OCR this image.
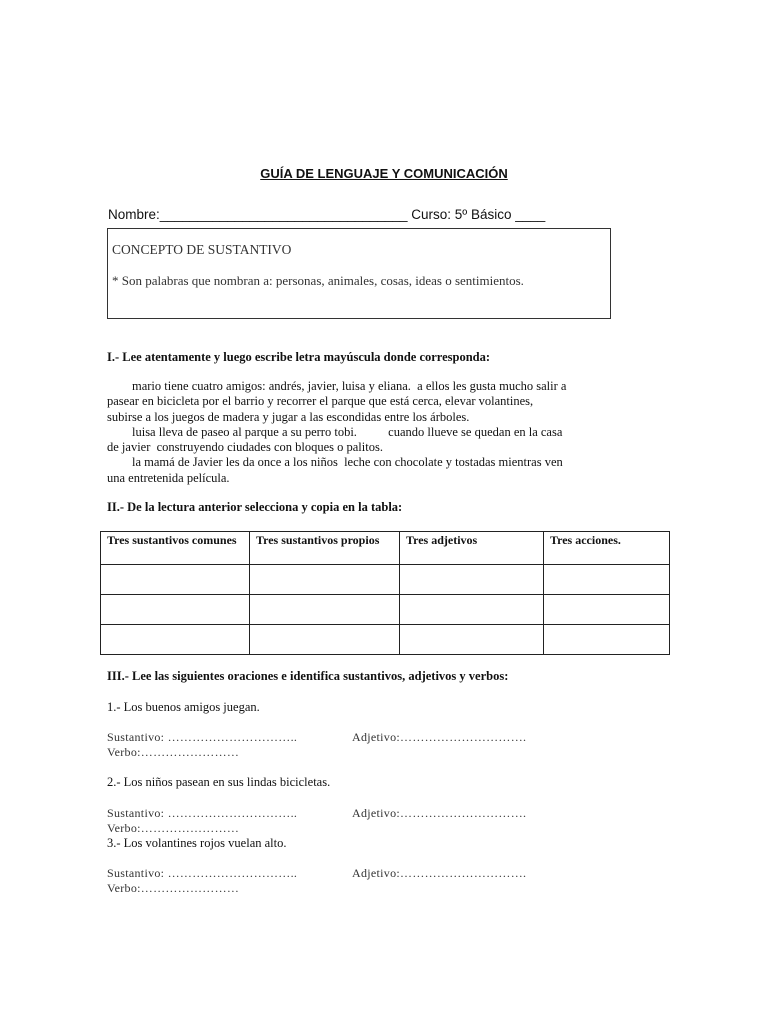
GUÍA DE LENGUAJE Y COMUNICACIÓN
Nombre:_________________________________ Curso: 5º Básico ____
CONCEPTO DE SUSTANTIVO
* Son palabras que nombran a: personas, animales, cosas, ideas o sentimientos.
I.- Lee atentamente y luego escribe letra mayúscula donde corresponda:
mario tiene cuatro amigos: andrés, javier, luisa y eliana.  a ellos les gusta mucho salir a
pasear en bicicleta por el barrio y recorrer el parque que está cerca, elevar volantines,
subirse a los juegos de madera y jugar a las escondidas entre los árboles.
luisa lleva de paseo al parque a su perro tobi.          cuando llueve se quedan en la casa
de javier  construyendo ciudades con bloques o palitos.
la mamá de Javier les da once a los niños  leche con chocolate y tostadas mientras ven
una entretenida película.
II.- De la lectura anterior selecciona y copia en la tabla:
Tres sustantivos comunes	Tres sustantivos propios	Tres adjetivos	Tres acciones.

III.- Lee las siguientes oraciones e identifica sustantivos, adjetivos y verbos:
1.- Los buenos amigos juegan.
Sustantivo: …………………………..	Adjetivo:………………………….
Verbo:……………………
2.- Los niños pasean en sus lindas bicicletas.
Sustantivo: …………………………..	Adjetivo:………………………….
Verbo:……………………
3.- Los volantines rojos vuelan alto.
Sustantivo: …………………………..	Adjetivo:………………………….
Verbo:……………………
